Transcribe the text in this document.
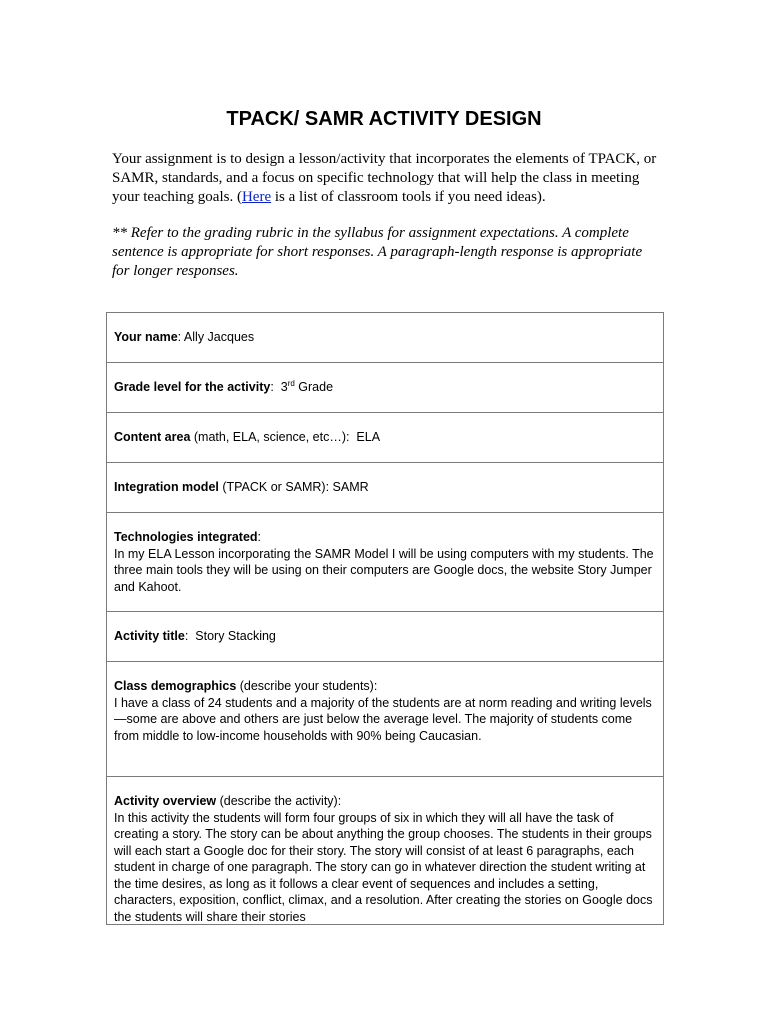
TPACK/ SAMR ACTIVITY DESIGN

Your assignment is to design a lesson/activity that incorporates the elements of TPACK, or SAMR, standards, and a focus on specific technology that will help the class in meeting your teaching goals. (Here is a list of classroom tools if you need ideas).

** Refer to the grading rubric in the syllabus for assignment expectations. A complete sentence is appropriate for short responses. A paragraph-length response is appropriate for longer responses.

Your name: Ally Jacques

Grade level for the activity:  3rd Grade

Content area (math, ELA, science, etc…):  ELA

Integration model (TPACK or SAMR): SAMR

Technologies integrated:

In my ELA Lesson incorporating the SAMR Model I will be using computers with my students. The three main tools they will be using on their computers are Google docs, the website Story Jumper and Kahoot.

Activity title:  Story Stacking

Class demographics (describe your students):

I have a class of 24 students and a majority of the students are at norm reading and writing levels—some are above and others are just below the average level. The majority of students come from middle to low-income households with 90% being Caucasian.

Activity overview (describe the activity):

In this activity the students will form four groups of six in which they will all have the task of creating a story. The story can be about anything the group chooses. The students in their groups will each start a Google doc for their story. The story will consist of at least 6 paragraphs, each student in charge of one paragraph. The story can go in whatever direction the student writing at the time desires, as long as it follows a clear event of sequences and includes a setting, characters, exposition, conflict, climax, and a resolution. After creating the stories on Google docs the students will share their stories
